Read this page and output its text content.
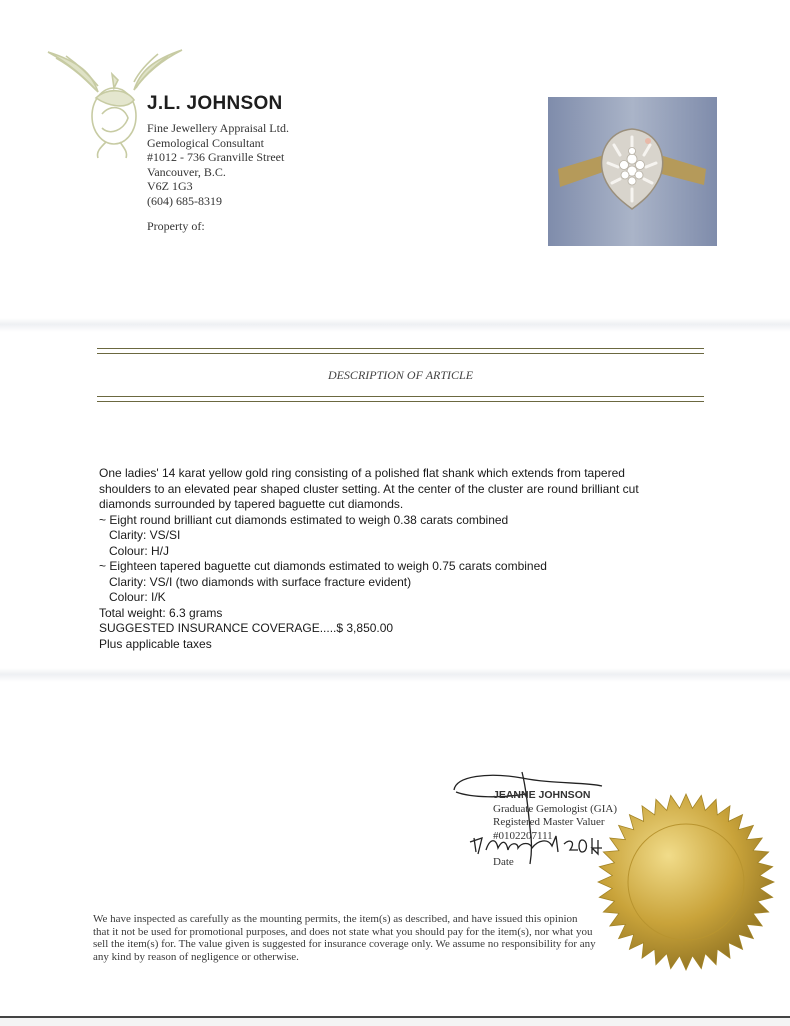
J.L. JOHNSON
Fine Jewellery Appraisal Ltd.
Gemological Consultant
#1012 - 736 Granville Street
Vancouver, B.C.
V6Z 1G3
(604) 685-8319
Property of:
DESCRIPTION OF ARTICLE
One ladies' 14 karat yellow gold ring consisting of a polished flat shank which extends from tapered
shoulders to an elevated pear shaped cluster setting. At the center of the cluster are round brilliant cut
diamonds surrounded by tapered baguette cut diamonds.
~ Eight round brilliant cut diamonds estimated to weigh 0.38 carats combined
Clarity: VS/SI
Colour: H/J
~ Eighteen tapered baguette cut diamonds estimated to weigh 0.75 carats combined
Clarity: VS/I (two diamonds with surface fracture evident)
Colour: I/K
Total weight: 6.3 grams
SUGGESTED INSURANCE COVERAGE.....$ 3,850.00
Plus applicable taxes
JEANNE JOHNSON
Graduate Gemologist (GIA)
Registered Master Valuer
#0102207111
Date
We have inspected as carefully as the mounting permits, the item(s) as described, and have issued this opinion
that it not be used for promotional purposes, and does not state what you should pay for the item(s), nor what you
sell the item(s) for. The value given is suggested for insurance coverage only. We assume no responsibility for any
any kind by reason of negligence or otherwise.
